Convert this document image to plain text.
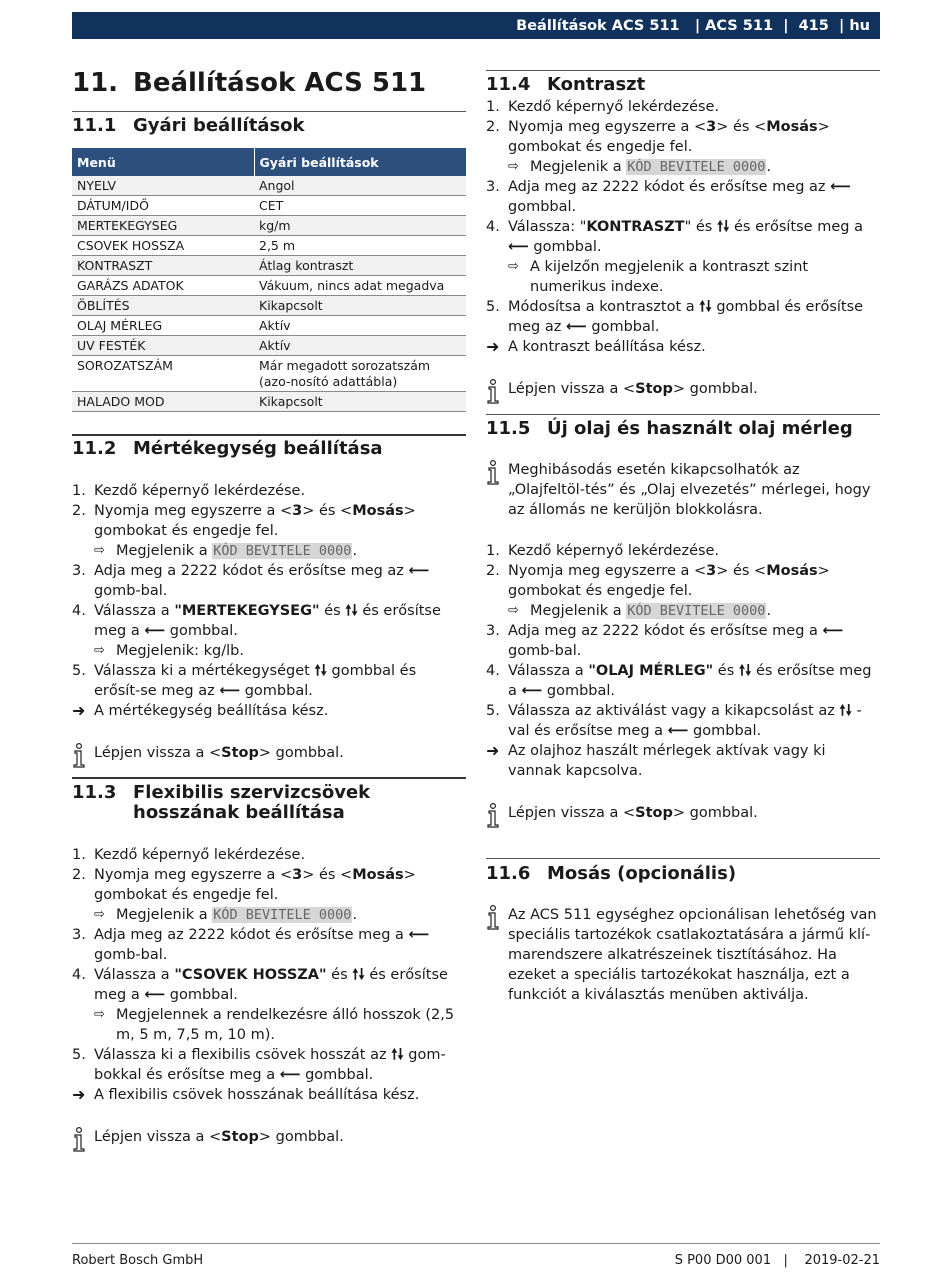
Beállítások ACS 511
|
ACS 511
|
415
|
hu
11. Beállítások ACS 511
11.1 Gyári beállítások
Menü	Gyári beállítások
NYELV	Angol
DÁTUM/IDŐ	CET
MERTEKEGYSEG	kg/m
CSOVEK HOSSZA	2,5 m
KONTRASZT	Átlag kontraszt
GARÁZS ADATOK	Vákuum, nincs adat megadva
ÖBLÍTÉS	Kikapcsolt
OLAJ MÉRLEG	Aktív
UV FESTÉK	Aktív
SOROZATSZÁM	Már megadott sorozatszám (azo-nosító adattábla)
HALADO MOD	Kikapcsolt
11.2 Mértékegység beállítása
1. Kezdő képernyő lekérdezése.
2. Nyomja meg egyszerre a <3> és <Mosás> gombokat és engedje fel.
⇨ Megjelenik a KÓD BEVITELE 0000.
3. Adja meg a 2222 kódot és erősítse meg az ⟵ gomb-bal.
4. Válassza a "MERTEKEGYSEG" és 🠕🠗 és erősítse meg a ⟵ gombbal.
⇨ Megjelenik: kg/lb.
5. Válassza ki a mértékegységet 🠕🠗 gombbal és erősít-se meg az ⟵ gombbal.
➜ A mértékegység beállítása kész.
Lépjen vissza a <Stop> gombbal.
11.3 Flexibilis szervizcsövek hosszának beállítása
1. Kezdő képernyő lekérdezése.
2. Nyomja meg egyszerre a <3> és <Mosás> gombokat és engedje fel.
⇨ Megjelenik a KÓD BEVITELE 0000.
3. Adja meg az 2222 kódot és erősítse meg a ⟵ gomb-bal.
4. Válassza a "CSOVEK HOSSZA" és 🠕🠗 és erősítse meg a ⟵ gombbal.
⇨ Megjelennek a rendelkezésre álló hosszok (2,5 m, 5 m, 7,5 m, 10 m).
5. Válassza ki a flexibilis csövek hosszát az 🠕🠗 gom-bokkal és erősítse meg a ⟵ gombbal.
➜ A flexibilis csövek hosszának beállítása kész.
Lépjen vissza a <Stop> gombbal.
11.4 Kontraszt
1. Kezdő képernyő lekérdezése.
2. Nyomja meg egyszerre a <3> és <Mosás> gombokat és engedje fel.
⇨ Megjelenik a KÓD BEVITELE 0000.
3. Adja meg az 2222 kódot és erősítse meg az ⟵ gombbal.
4. Válassza: "KONTRASZT" és 🠕🠗 és erősítse meg a ⟵ gombbal.
⇨ A kijelzőn megjelenik a kontraszt szint numerikus indexe.
5. Módosítsa a kontrasztot a 🠕🠗 gombbal és erősítse meg az ⟵ gombbal.
➜ A kontraszt beállítása kész.
Lépjen vissza a <Stop> gombbal.
11.5 Új olaj és használt olaj mérleg
Meghibásodás esetén kikapcsolhatók az „Olajfeltöl-tés” és „Olaj elvezetés” mérlegei, hogy az állomás ne kerüljön blokkolásra.
1. Kezdő képernyő lekérdezése.
2. Nyomja meg egyszerre a <3> és <Mosás> gombokat és engedje fel.
⇨ Megjelenik a KÓD BEVITELE 0000.
3. Adja meg az 2222 kódot és erősítse meg a ⟵ gomb-bal.
4. Válassza a "OLAJ MÉRLEG" és 🠕🠗 és erősítse meg a ⟵ gombbal.
5. Válassza az aktiválást vagy a kikapcsolást az 🠕🠗 - val és erősítse meg a ⟵ gombbal.
➜ Az olajhoz haszált mérlegek aktívak vagy ki vannak kapcsolva.
Lépjen vissza a <Stop> gombbal.
11.6 Mosás (opcionális)
Az ACS 511 egységhez opcionálisan lehetőség van speciális tartozékok csatlakoztatására a jármű klí-marendszere alkatrészeinek tisztításához. Ha ezeket a speciális tartozékokat használja, ezt a funkciót a kiválasztás menüben aktiválja.
Robert Bosch GmbH	S P00 D00 001 | 2019-02-21
